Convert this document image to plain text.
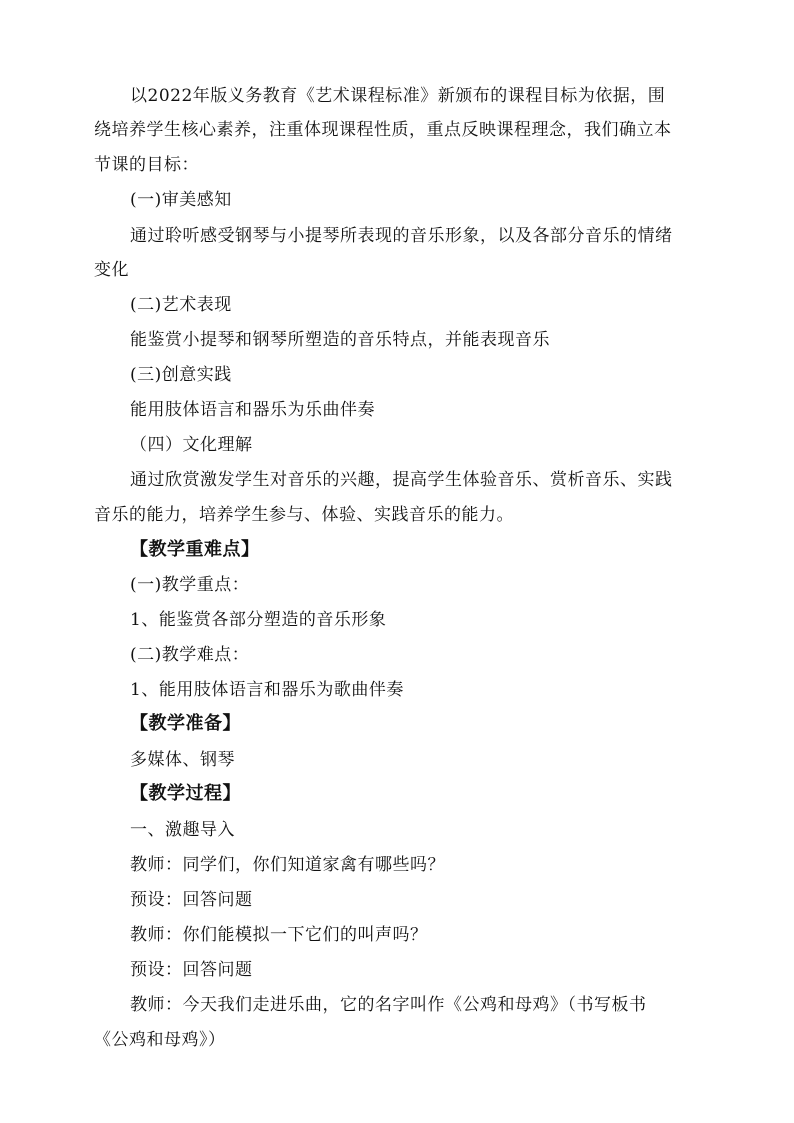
以2022年版义务教育《艺术课程标准》新颁布的课程目标为依据，围
绕培养学生核心素养，注重体现课程性质，重点反映课程理念，我们确立本
节课的目标：
(一)审美感知
通过聆听感受钢琴与小提琴所表现的音乐形象，以及各部分音乐的情绪
变化
(二)艺术表现
能鉴赏小提琴和钢琴所塑造的音乐特点，并能表现音乐
(三)创意实践
能用肢体语言和器乐为乐曲伴奏
（四）文化理解
通过欣赏激发学生对音乐的兴趣，提高学生体验音乐、赏析音乐、实践
音乐的能力，培养学生参与、体验、实践音乐的能力。
【教学重难点】
(一)教学重点：
1、能鉴赏各部分塑造的音乐形象
(二)教学难点：
1、能用肢体语言和器乐为歌曲伴奏
【教学准备】
多媒体、钢琴
【教学过程】
一、激趣导入
教师：同学们，你们知道家禽有哪些吗？
预设：回答问题
教师：你们能模拟一下它们的叫声吗？
预设：回答问题
教师：今天我们走进乐曲，它的名字叫作《公鸡和母鸡》（书写板书
《公鸡和母鸡》）
